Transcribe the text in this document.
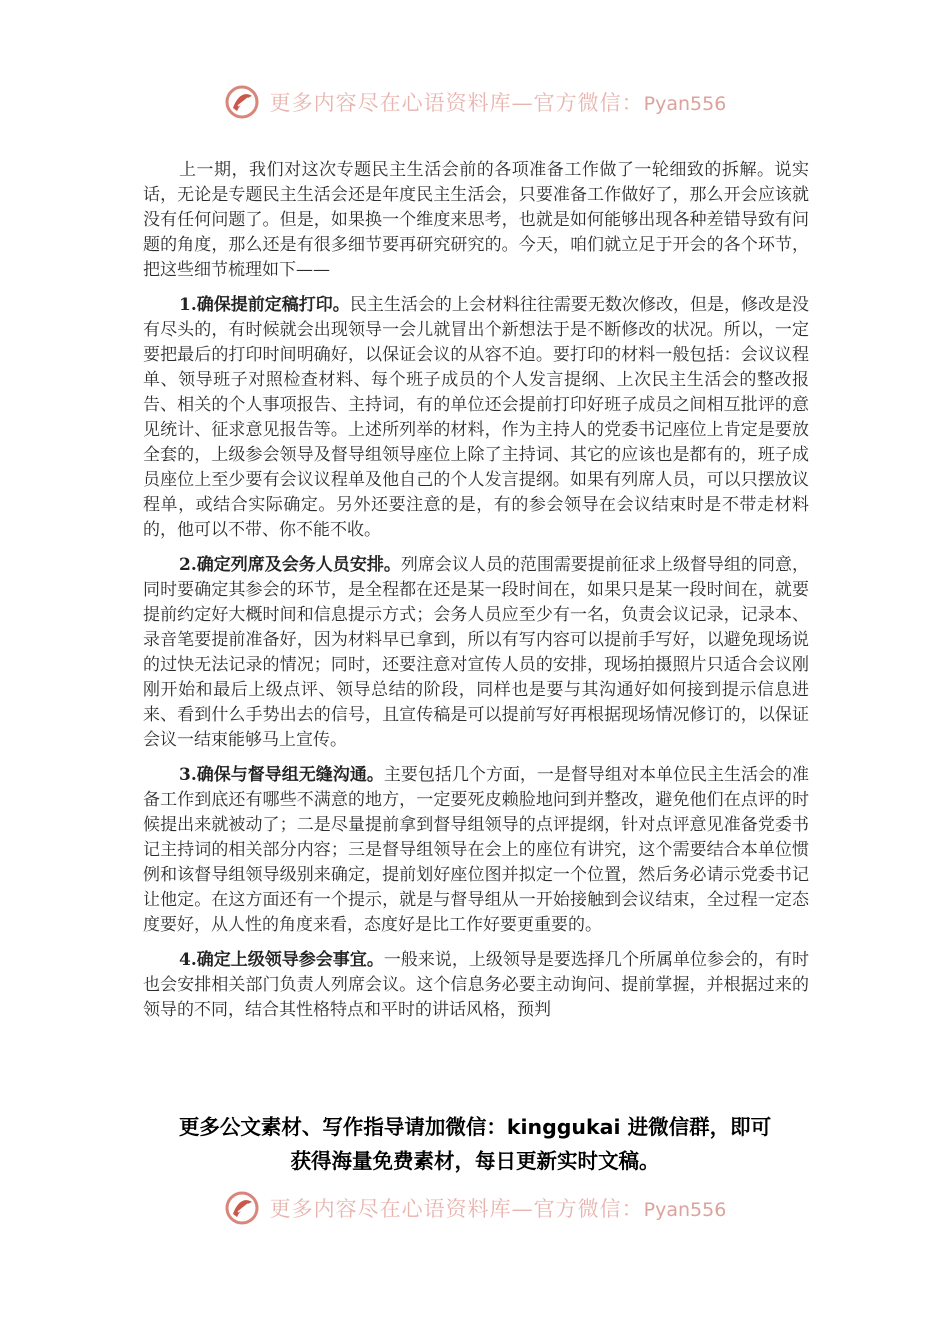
更多内容尽在心语资料库—官方微信：Pyan556

上一期，我们对这次专题民主生活会前的各项准备工作做了一轮细致的拆解。说实话，无论是专题民主生活会还是年度民主生活会，只要准备工作做好了，那么开会应该就没有任何问题了。但是，如果换一个维度来思考，也就是如何能够出现各种差错导致有问题的角度，那么还是有很多细节要再研究研究的。今天，咱们就立足于开会的各个环节，把这些细节梳理如下——

1.确保提前定稿打印。民主生活会的上会材料往往需要无数次修改，但是，修改是没有尽头的，有时候就会出现领导一会儿就冒出个新想法于是不断修改的状况。所以，一定要把最后的打印时间明确好，以保证会议的从容不迫。要打印的材料一般包括：会议议程单、领导班子对照检查材料、每个班子成员的个人发言提纲、上次民主生活会的整改报告、相关的个人事项报告、主持词，有的单位还会提前打印好班子成员之间相互批评的意见统计、征求意见报告等。上述所列举的材料，作为主持人的党委书记座位上肯定是要放全套的，上级参会领导及督导组领导座位上除了主持词、其它的应该也是都有的，班子成员座位上至少要有会议议程单及他自己的个人发言提纲。如果有列席人员，可以只摆放议程单，或结合实际确定。另外还要注意的是，有的参会领导在会议结束时是不带走材料的，他可以不带、你不能不收。

2.确定列席及会务人员安排。列席会议人员的范围需要提前征求上级督导组的同意，同时要确定其参会的环节，是全程都在还是某一段时间在，如果只是某一段时间在，就要提前约定好大概时间和信息提示方式；会务人员应至少有一名，负责会议记录，记录本、录音笔要提前准备好，因为材料早已拿到，所以有写内容可以提前手写好，以避免现场说的过快无法记录的情况；同时，还要注意对宣传人员的安排，现场拍摄照片只适合会议刚刚开始和最后上级点评、领导总结的阶段，同样也是要与其沟通好如何接到提示信息进来、看到什么手势出去的信号，且宣传稿是可以提前写好再根据现场情况修订的，以保证会议一结束能够马上宣传。

3.确保与督导组无缝沟通。主要包括几个方面，一是督导组对本单位民主生活会的准备工作到底还有哪些不满意的地方，一定要死皮赖脸地问到并整改，避免他们在点评的时候提出来就被动了；二是尽量提前拿到督导组领导的点评提纲，针对点评意见准备党委书记主持词的相关部分内容；三是督导组领导在会上的座位有讲究，这个需要结合本单位惯例和该督导组领导级别来确定，提前划好座位图并拟定一个位置，然后务必请示党委书记让他定。在这方面还有一个提示，就是与督导组从一开始接触到会议结束，全过程一定态度要好，从人性的角度来看，态度好是比工作好要更重要的。

4.确定上级领导参会事宜。一般来说，上级领导是要选择几个所属单位参会的，有时也会安排相关部门负责人列席会议。这个信息务必要主动询问、提前掌握，并根据过来的领导的不同，结合其性格特点和平时的讲话风格，预判

更多公文素材、写作指导请加微信：kinggukai 进微信群，即可
获得海量免费素材，每日更新实时文稿。
更多内容尽在心语资料库—官方微信：Pyan556
